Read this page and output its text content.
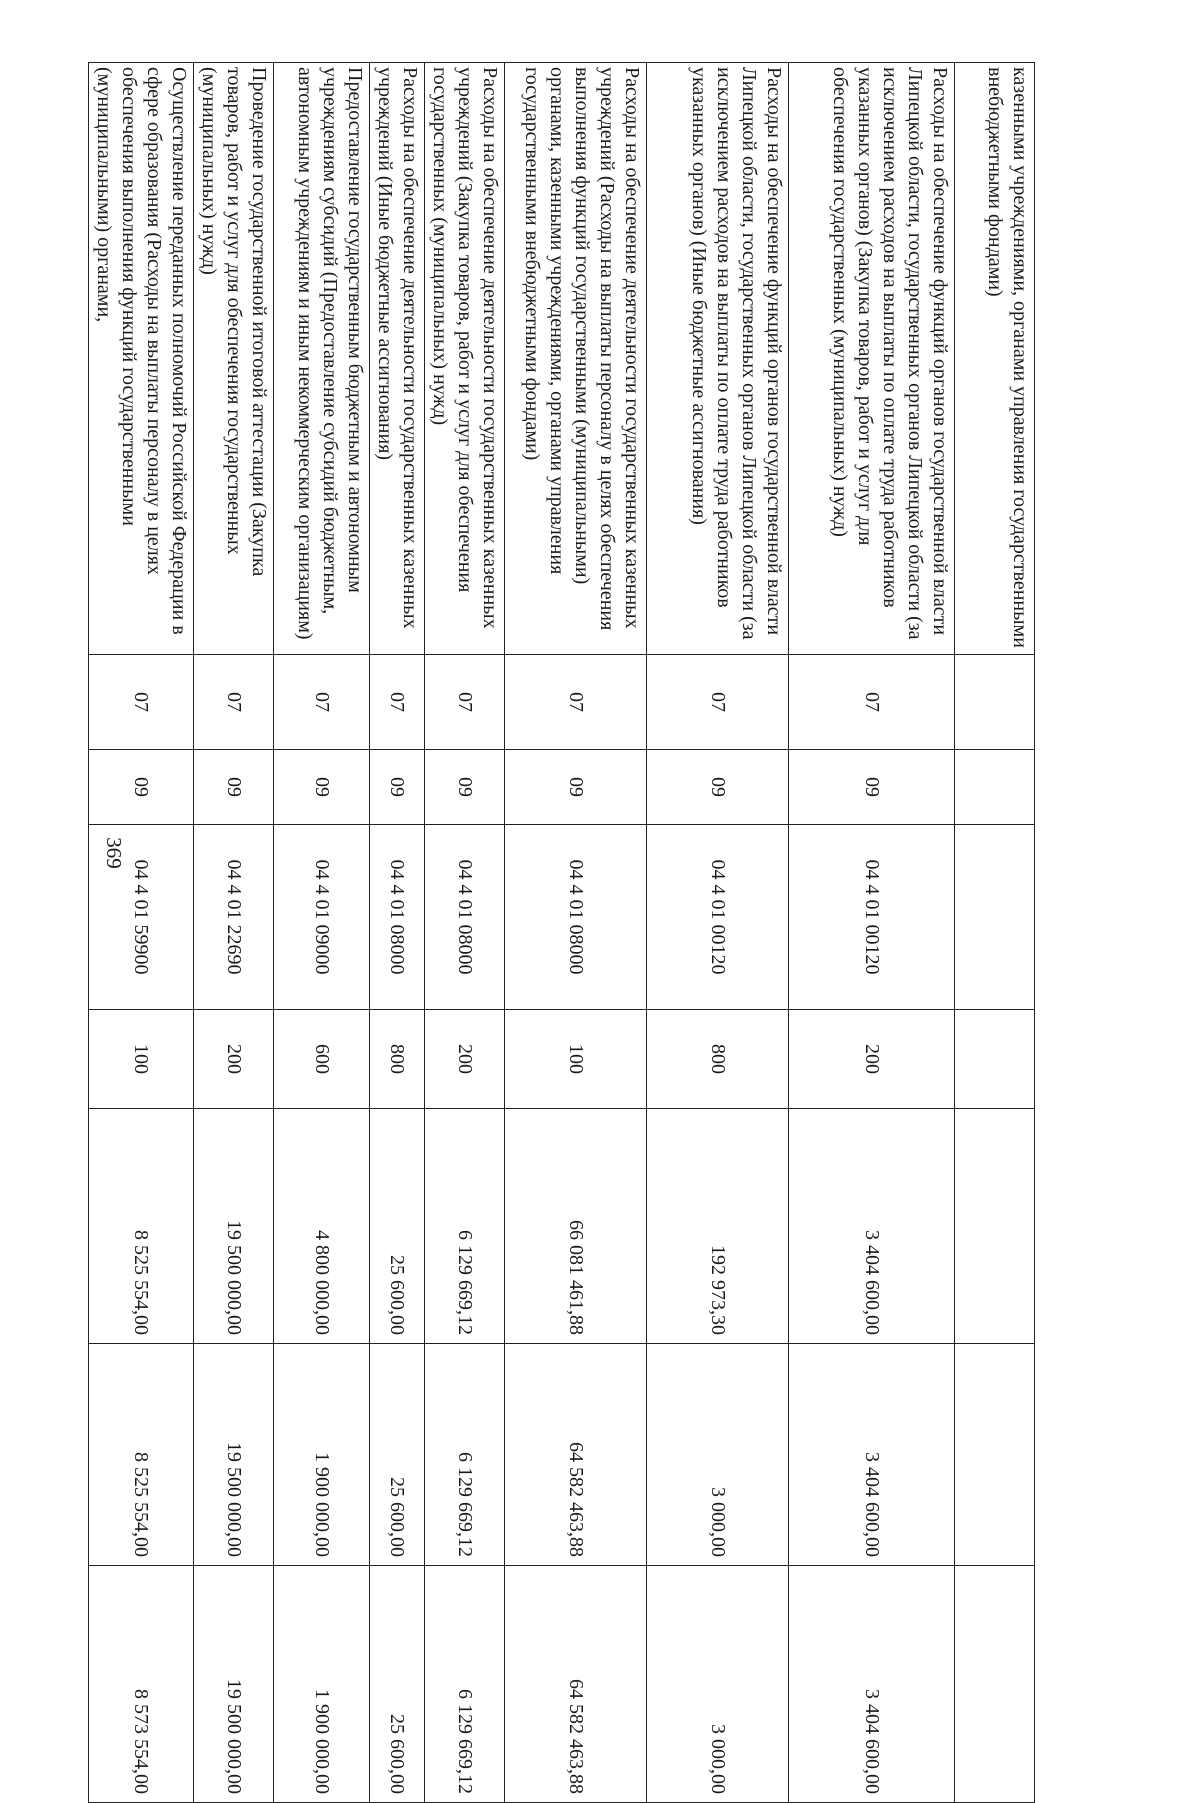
369
казенными учреждениями, органами управления государственными внебюджетными фондами)							
Расходы на обеспечение функций органов государственной власти Липецкой области, государственных органов Липецкой области (за исключением расходов на выплаты по оплате труда работников указанных органов) (Закупка товаров, работ и услуг для обеспечения государственных (муниципальных) нужд)	07	09	04 4 01 00120	200	3 404 600,00	3 404 600,00	3 404 600,00
Расходы на обеспечение функций органов государственной власти Липецкой области, государственных органов Липецкой области (за исключением расходов на выплаты по оплате труда работников указанных органов) (Иные бюджетные ассигнования)	07	09	04 4 01 00120	800	192 973,30	3 000,00	3 000,00
Расходы на обеспечение деятельности государственных казенных учреждений (Расходы на выплаты персоналу в целях обеспечения выполнения функций государственными (муниципальными) органами, казенными учреждениями, органами управления государственными внебюджетными фондами)	07	09	04 4 01 08000	100	66 081 461,88	64 582 463,88	64 582 463,88
Расходы на обеспечение деятельности государственных казенных учреждений (Закупка товаров, работ и услуг для обеспечения государственных (муниципальных) нужд)	07	09	04 4 01 08000	200	6 129 669,12	6 129 669,12	6 129 669,12
Расходы на обеспечение деятельности государственных казенных учреждений (Иные бюджетные ассигнования)	07	09	04 4 01 08000	800	25 600,00	25 600,00	25 600,00
Предоставление государственным бюджетным и автономным учреждениям субсидий (Предоставление субсидий бюджетным, автономным учреждениям и иным некоммерческим организациям)	07	09	04 4 01 09000	600	4 800 000,00	1 900 000,00	1 900 000,00
Проведение государственной итоговой аттестации (Закупка товаров, работ и услуг для обеспечения государственных (муниципальных) нужд)	07	09	04 4 01 22690	200	19 500 000,00	19 500 000,00	19 500 000,00
Осуществление переданных полномочий Российской Федерации в сфере образования (Расходы на выплаты персоналу в целях обеспечения выполнения функций государственными (муниципальными) органами,	07	09	04 4 01 59900	100	8 525 554,00	8 525 554,00	8 573 554,00
